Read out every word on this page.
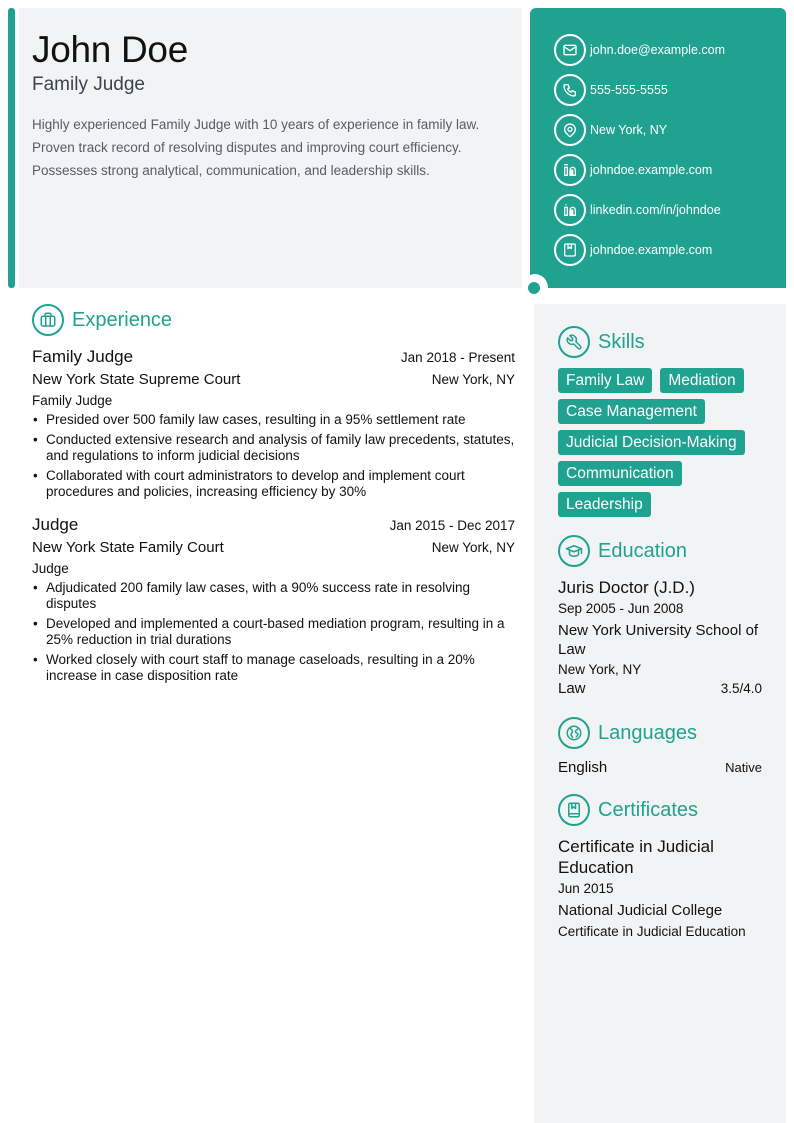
John Doe
Family Judge
Highly experienced Family Judge with 10 years of experience in family law. Proven track record of resolving disputes and improving court efficiency. Possesses strong analytical, communication, and leadership skills.
john.doe@example.com
555-555-5555
New York, NY
johndoe.example.com
linkedin.com/in/johndoe
johndoe.example.com
Experience
Family Judge	Jan 2018 - Present
New York State Supreme Court	New York, NY
Family Judge
• Presided over 500 family law cases, resulting in a 95% settlement rate
• Conducted extensive research and analysis of family law precedents, statutes, and regulations to inform judicial decisions
• Collaborated with court administrators to develop and implement court procedures and policies, increasing efficiency by 30%
Judge	Jan 2015 - Dec 2017
New York State Family Court	New York, NY
Judge
• Adjudicated 200 family law cases, with a 90% success rate in resolving disputes
• Developed and implemented a court-based mediation program, resulting in a 25% reduction in trial durations
• Worked closely with court staff to manage caseloads, resulting in a 20% increase in case disposition rate
Skills
Family Law	Mediation
Case Management
Judicial Decision-Making
Communication
Leadership
Education
Juris Doctor (J.D.)
Sep 2005 - Jun 2008
New York University School of Law
New York, NY
Law	3.5/4.0
Languages
English	Native
Certificates
Certificate in Judicial Education
Jun 2015
National Judicial College
Certificate in Judicial Education
